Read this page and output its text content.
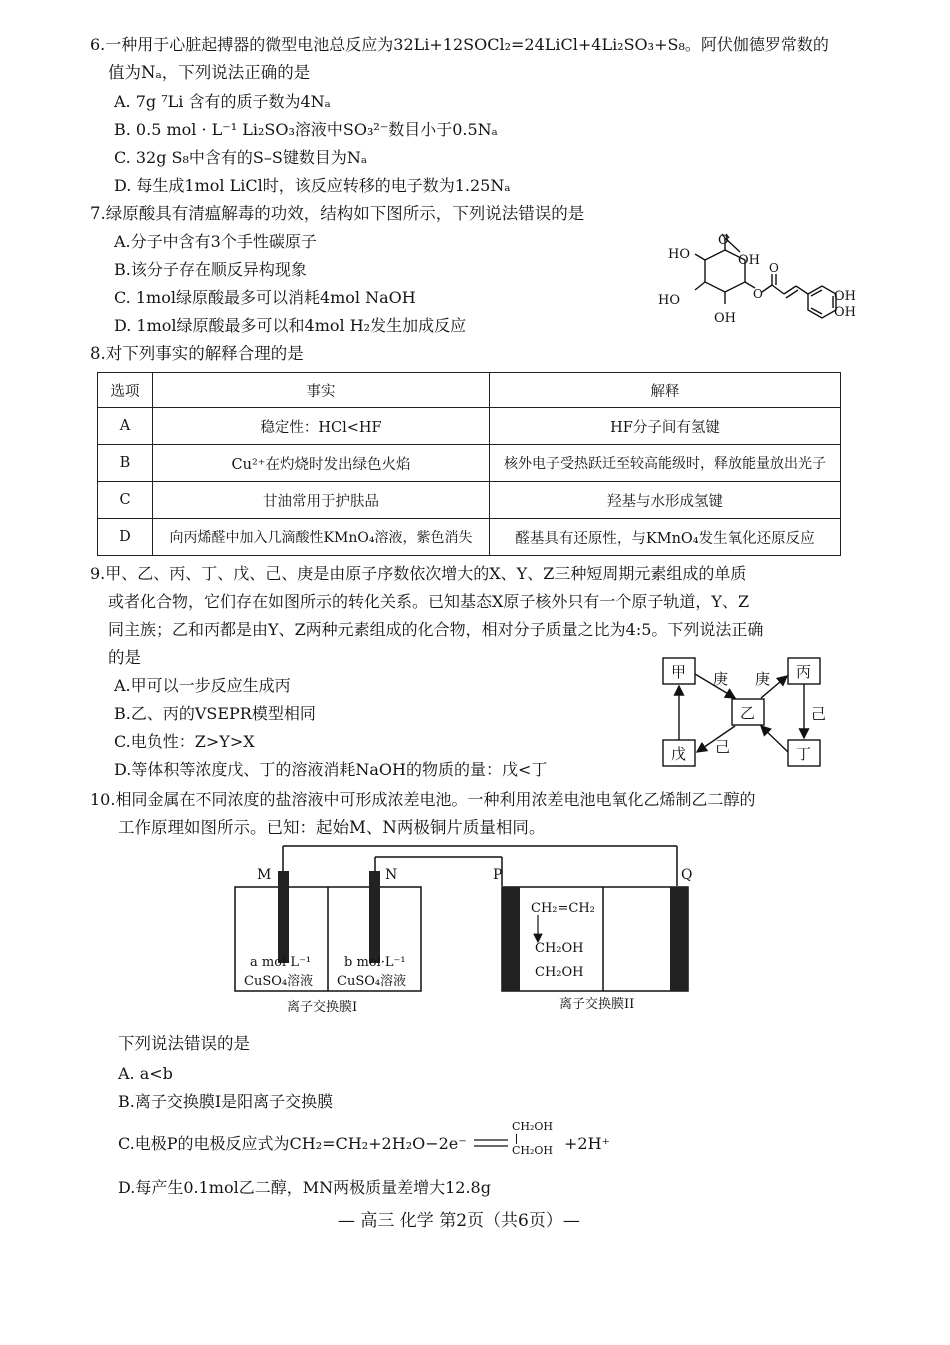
6.一种用于心脏起搏器的微型电池总反应为32Li+12SOCl₂=24LiCl+4Li₂SO₃+S₈。阿伏伽德罗常数的
值为Nₐ，下列说法正确的是
A. 7g ⁷Li 含有的质子数为4Nₐ
B. 0.5 mol · L⁻¹ Li₂SO₃溶液中SO₃²⁻数目小于0.5Nₐ
C. 32g S₈中含有的S–S键数目为Nₐ
D. 每生成1mol LiCl时，该反应转移的电子数为1.25Nₐ
7.绿原酸具有清瘟解毒的功效，结构如下图所示，下列说法错误的是
A.分子中含有3个手性碳原子
B.该分子存在顺反异构现象
C. 1mol绿原酸最多可以消耗4mol NaOH
D. 1mol绿原酸最多可以和4mol H₂发生加成反应
HO
O
OH
HO
OH
O
O
OH
OH
8.对下列事实的解释合理的是
选项	事实	解释
A	稳定性：HCl<HF	HF分子间有氢键
B	Cu²⁺在灼烧时发出绿色火焰	核外电子受热跃迁至较高能级时，释放能量放出光子
C	甘油常用于护肤品	羟基与水形成氢键
D	向丙烯醛中加入几滴酸性KMnO₄溶液，紫色消失	醛基具有还原性，与KMnO₄发生氧化还原反应
9.甲、乙、丙、丁、戊、己、庚是由原子序数依次增大的X、Y、Z三种短周期元素组成的单质
或者化合物，它们存在如图所示的转化关系。已知基态X原子核外只有一个原子轨道，Y、Z
同主族；乙和丙都是由Y、Z两种元素组成的化合物，相对分子质量之比为4:5。下列说法正确
的是
A.甲可以一步反应生成丙
B.乙、丙的VSEPR模型相同
C.电负性：Z>Y>X
D.等体积等浓度戊、丁的溶液消耗NaOH的物质的量：戊<丁
甲	丙
乙
戊	丁
庚 庚
己
己
10.相同金属在不同浓度的盐溶液中可形成浓差电池。一种利用浓差电池电氧化乙烯制乙二醇的
工作原理如图所示。已知：起始M、N两极铜片质量相同。
M	N	P	Q
a mol·L⁻¹
CuSO₄溶液
b mol·L⁻¹
CuSO₄溶液
CH₂=CH₂
CH₂OH
CH₂OH
离子交换膜I	离子交换膜II
下列说法错误的是
A. a<b
B.离子交换膜I是阳离子交换膜
C.电极P的电极反应式为CH₂=CH₂+2H₂O−2e⁻
CH₂OH
CH₂OH +2H⁺
D.每产生0.1mol乙二醇，MN两极质量差增大12.8g
— 高三 化学 第2页（共6页）—
